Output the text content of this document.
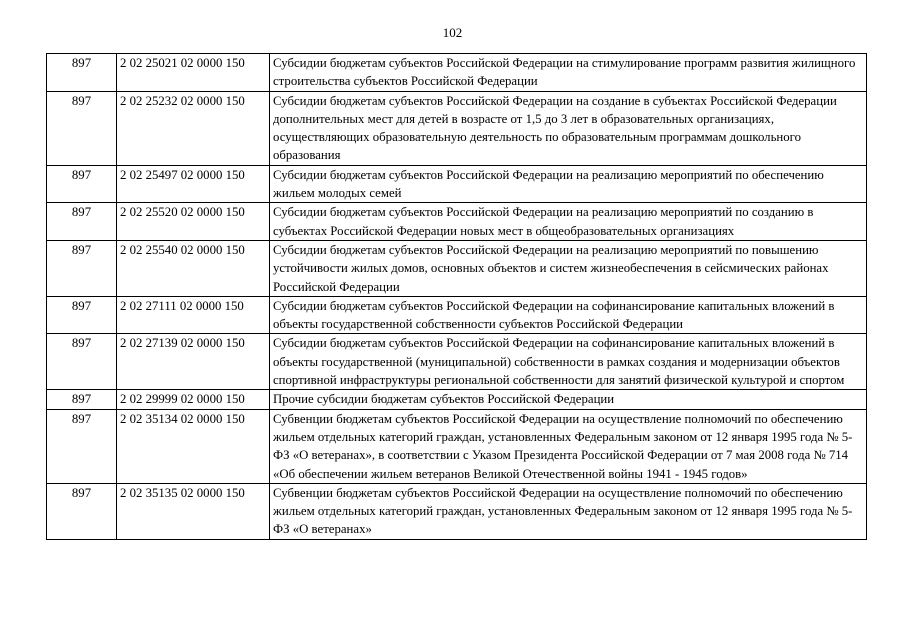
102
897	2 02 25021 02 0000 150	Субсидии бюджетам субъектов Российской Федерации на стимулирование программ развития жилищного строительства субъектов Российской Федерации
897	2 02 25232 02 0000 150	Субсидии бюджетам субъектов Российской Федерации на создание в субъектах Российской Федерации дополнительных мест для детей в возрасте от 1,5 до 3 лет в образовательных организациях, осуществляющих образовательную деятельность по образовательным программам дошкольного образования
897	2 02 25497 02 0000 150	Субсидии бюджетам субъектов Российской Федерации на реализацию мероприятий по обеспечению жильем молодых семей
897	2 02 25520 02 0000 150	Субсидии бюджетам субъектов Российской Федерации на реализацию мероприятий по созданию в субъектах Российской Федерации новых мест в общеобразовательных организациях
897	2 02 25540 02 0000 150	Субсидии бюджетам субъектов Российской Федерации на реализацию мероприятий по повышению устойчивости жилых домов, основных объектов и систем жизнеобеспечения в сейсмических районах Российской Федерации
897	2 02 27111 02 0000 150	Субсидии бюджетам субъектов Российской Федерации на софинансирование капитальных вложений в объекты государственной собственности субъектов Российской Федерации
897	2 02 27139 02 0000 150	Субсидии бюджетам субъектов Российской Федерации на софинансирование капитальных вложений в объекты государственной (муниципальной) собственности в рамках создания и модернизации объектов спортивной инфраструктуры региональной собственности для занятий физической культурой и спортом
897	2 02 29999 02 0000 150	Прочие субсидии бюджетам субъектов Российской Федерации
897	2 02 35134 02 0000 150	Субвенции бюджетам субъектов Российской Федерации на осуществление полномочий по обеспечению жильем отдельных категорий граждан, установленных Федеральным законом от 12 января 1995 года № 5-ФЗ «О ветеранах», в соответствии с Указом Президента Российской Федерации от 7 мая 2008 года № 714 «Об обеспечении жильем ветеранов Великой Отечественной войны 1941 - 1945 годов»
897	2 02 35135 02 0000 150	Субвенции бюджетам субъектов Российской Федерации на осуществление полномочий по обеспечению жильем отдельных категорий граждан, установленных Федеральным законом от 12 января 1995 года № 5-ФЗ «О ветеранах»
